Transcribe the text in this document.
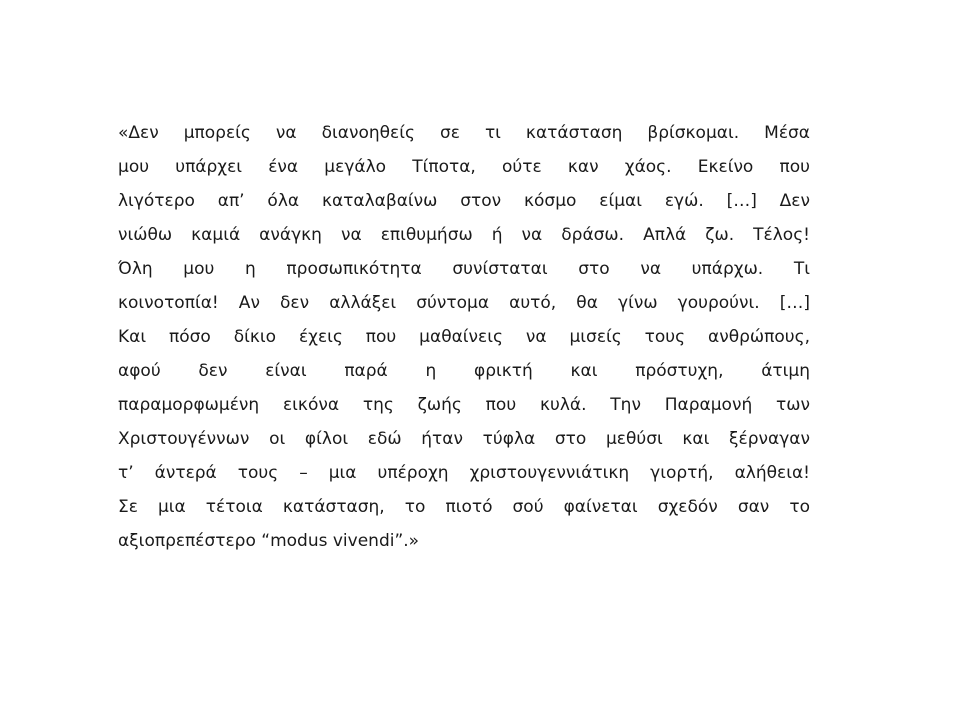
«Δεν μπορείς να διανοηθείς σε τι κατάσταση βρίσκομαι. Μέσα
μου υπάρχει ένα μεγάλο Τίποτα, ούτε καν χάος. Εκείνο που
λιγότερο απ’ όλα καταλαβαίνω στον κόσμο είμαι εγώ. […] Δεν
νιώθω καμιά ανάγκη να επιθυμήσω ή να δράσω. Απλά ζω. Τέλος!
Όλη μου η προσωπικότητα συνίσταται στο να υπάρχω. Τι
κοινοτοπία! Αν δεν αλλάξει σύντομα αυτό, θα γίνω γουρούνι. […]
Και πόσο δίκιο έχεις που μαθαίνεις να μισείς τους ανθρώπους,
αφού δεν είναι παρά η φρικτή και πρόστυχη, άτιμη
παραμορφωμένη εικόνα της ζωής που κυλά. Την Παραμονή των
Χριστουγέννων οι φίλοι εδώ ήταν τύφλα στο μεθύσι και ξέρναγαν
τ’ άντερά τους – μια υπέροχη χριστουγεννιάτικη γιορτή, αλήθεια!
Σε μια τέτοια κατάσταση, το πιοτό σού φαίνεται σχεδόν σαν το
αξιοπρεπέστερο “modus vivendi”.»
